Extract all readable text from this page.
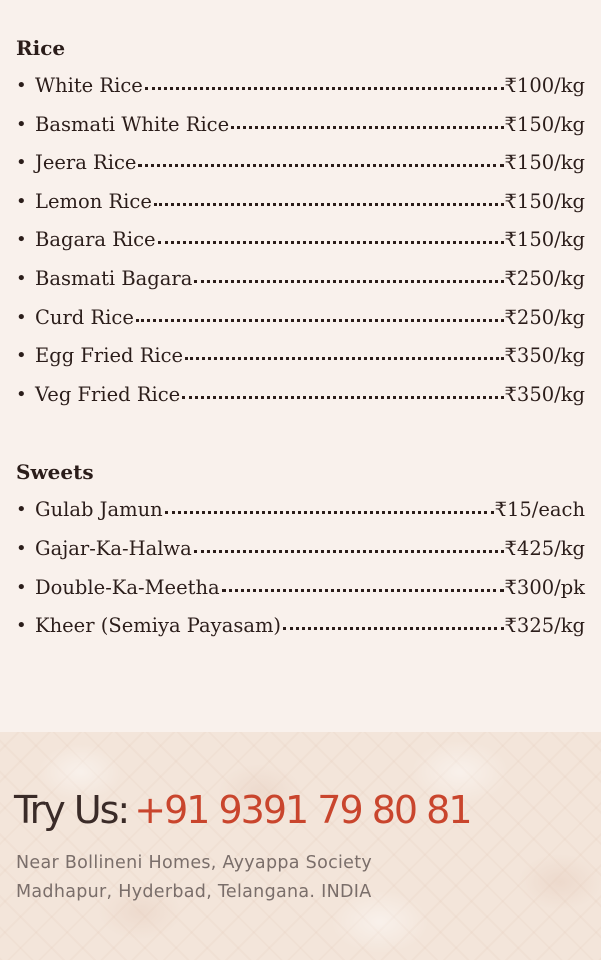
Rice
•
White Rice	₹100/kg
•
Basmati White Rice	₹150/kg
•
Jeera Rice	₹150/kg
•
Lemon Rice	₹150/kg
•
Bagara Rice	₹150/kg
•
Basmati Bagara	₹250/kg
•
Curd Rice	₹250/kg
•
Egg Fried Rice	₹350/kg
•
Veg Fried Rice	₹350/kg
Sweets
•
Gulab Jamun	₹15/each
•
Gajar-Ka-Halwa	₹425/kg
•
Double-Ka-Meetha	₹300/pk
•
Kheer (Semiya Payasam)	₹325/kg
Try Us: +91 9391 79 80 81
Near Bollineni Homes, Ayyappa Society
Madhapur, Hyderbad, Telangana. INDIA
